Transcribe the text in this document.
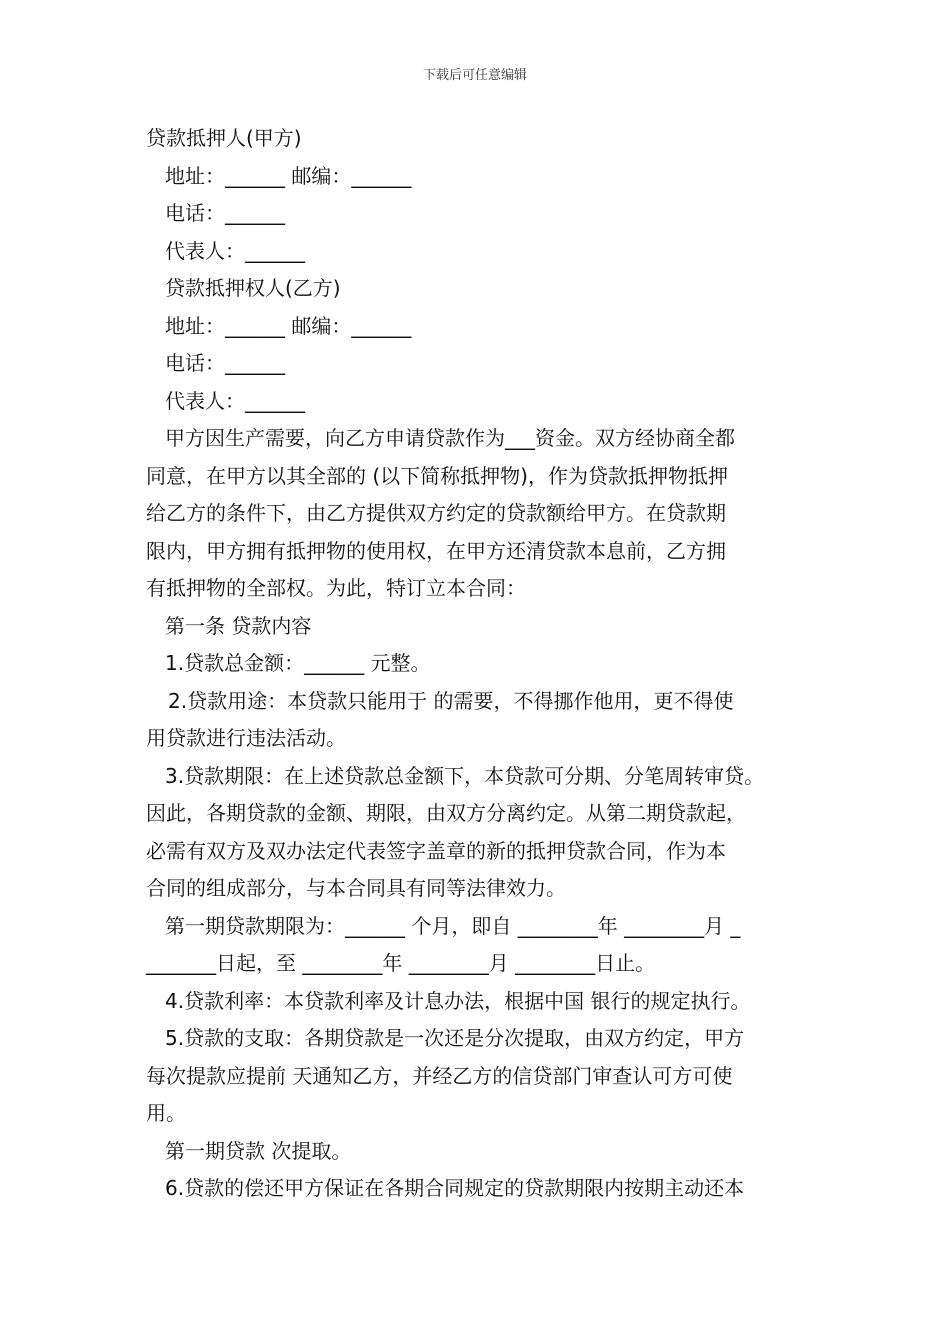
下载后可任意编辑

贷款抵押人(甲方)

地址：______ 邮编：______

电话：______

代表人：______

贷款抵押权人(乙方)

地址：______ 邮编：______

电话：______

代表人：______

甲方因生产需要，向乙方申请贷款作为___资金。双方经协商全都

同意，在甲方以其全部的 (以下简称抵押物)，作为贷款抵押物抵押

给乙方的条件下，由乙方提供双方约定的贷款额给甲方。在贷款期

限内，甲方拥有抵押物的使用权，在甲方还清贷款本息前，乙方拥

有抵押物的全部权。为此，特订立本合同：

第一条 贷款内容

1.贷款总金额：______ 元整。

2.贷款用途：本贷款只能用于 的需要，不得挪作他用，更不得使

用贷款进行违法活动。

3.贷款期限：在上述贷款总金额下，本贷款可分期、分笔周转审贷。

因此，各期贷款的金额、期限，由双方分离约定。从第二期贷款起，

必需有双方及双办法定代表签字盖章的新的抵押贷款合同，作为本

合同的组成部分，与本合同具有同等法律效力。

第一期贷款期限为：______ 个月，即自 ________年 ________月 _

_______日起，至 ________年 ________月 ________日止。

4.贷款利率：本贷款利率及计息办法，根据中国 银行的规定执行。

5.贷款的支取：各期贷款是一次还是分次提取，由双方约定，甲方

每次提款应提前 天通知乙方，并经乙方的信贷部门审查认可方可使

用。

第一期贷款 次提取。

6.贷款的偿还甲方保证在各期合同规定的贷款期限内按期主动还本
